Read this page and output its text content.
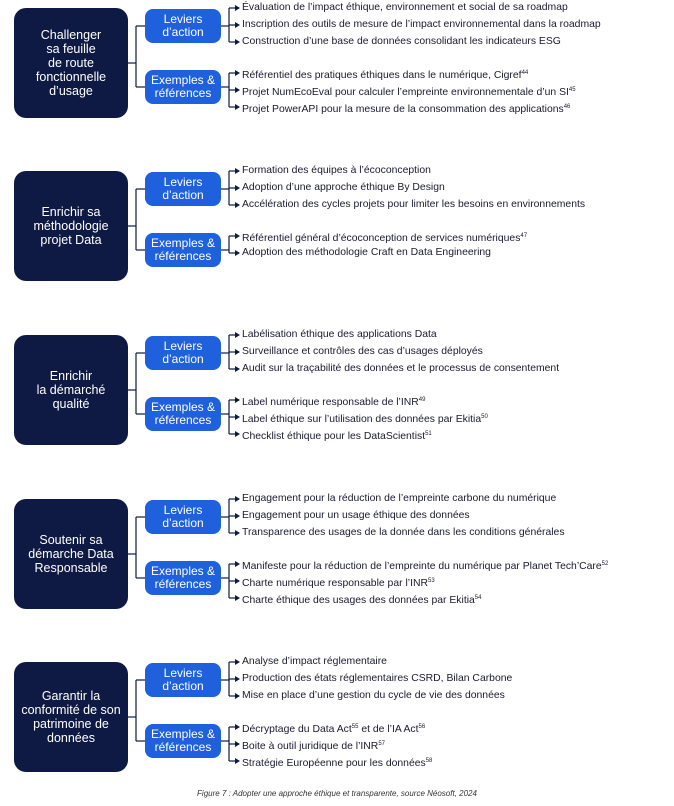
Challenger
sa feuille
de route
fonctionnelle
d’usage
Leviers
d’action
Exemples &
références
Évaluation de l’impact éthique, environnement et social de sa roadmap
Inscription des outils de mesure de l’impact environnemental dans la roadmap
Construction d’une base de données consolidant les indicateurs ESG
Référentiel des pratiques éthiques dans le numérique, Cigref$^{44}$
Projet NumEcoEval pour calculer l’empreinte environnementale d’un SI$^{45}$
Projet PowerAPI pour la mesure de la consommation des applications$^{46}$
Enrichir sa
méthodologie
projet Data
Leviers
d’action
Exemples &
références
Formation des équipes à l’écoconception
Adoption d’une approche éthique By Design
Accélération des cycles projets pour limiter les besoins en environnements
Référentiel général d’écoconception de services numériques$^{47}$
Adoption des méthodologie Craft en Data Engineering
Enrichir
la démarché
qualité
Leviers
d’action
Exemples &
références
Labélisation éthique des applications Data
Surveillance et contrôles des cas d’usages déployés
Audit sur la traçabilité des données et le processus de consentement
Label numérique responsable de l’INR$^{49}$
Label éthique sur l’utilisation des données par Ekitia$^{50}$
Checklist éthique pour les DataScientist$^{51}$
Soutenir sa
démarche Data
Responsable
Leviers
d’action
Exemples &
références
Engagement pour la réduction de l’empreinte carbone du numérique
Engagement pour un usage éthique des données
Transparence des usages de la donnée dans les conditions générales
Manifeste pour la réduction de l’empreinte du numérique par Planet Tech’Care$^{52}$
Charte numérique responsable par l’INR$^{53}$
Charte éthique des usages des données par Ekitia$^{54}$
Garantir la
conformité de son
patrimoine de
données
Leviers
d’action
Exemples &
références
Analyse d’impact réglementaire
Production des états réglementaires CSRD, Bilan Carbone
Mise en place d’une gestion du cycle de vie des données
Décryptage du Data Act$^{55}$ et de l’IA Act$^{56}$
Boite à outil juridique de l’INR$^{57}$
Stratégie Européenne pour les données$^{58}$
Figure 7 : Adopter une approche éthique et transparente, source Néosoft, 2024
